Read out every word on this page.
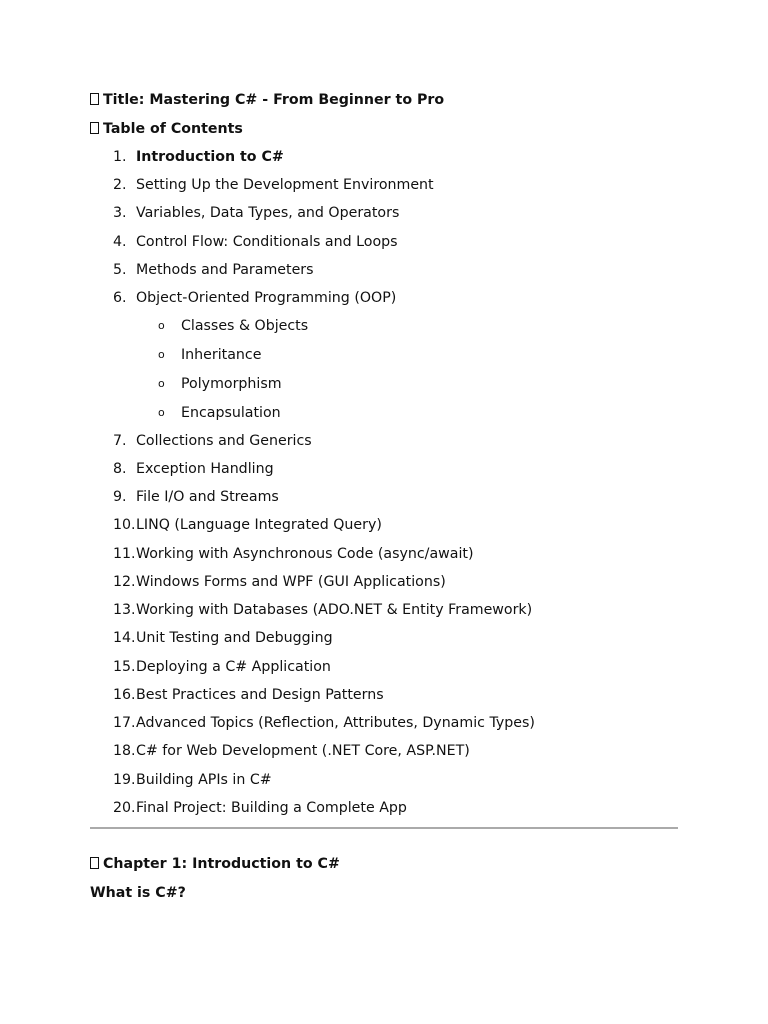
Title: Mastering C# - From Beginner to Pro
Table of Contents
1. Introduction to C#
2. Setting Up the Development Environment
3. Variables, Data Types, and Operators
4. Control Flow: Conditionals and Loops
5. Methods and Parameters
6. Object-Oriented Programming (OOP)
o Classes & Objects
o Inheritance
o Polymorphism
o Encapsulation
7. Collections and Generics
8. Exception Handling
9. File I/O and Streams
10. LINQ (Language Integrated Query)
11. Working with Asynchronous Code (async/await)
12. Windows Forms and WPF (GUI Applications)
13. Working with Databases (ADO.NET & Entity Framework)
14. Unit Testing and Debugging
15. Deploying a C# Application
16. Best Practices and Design Patterns
17. Advanced Topics (Reflection, Attributes, Dynamic Types)
18. C# for Web Development (.NET Core, ASP.NET)
19. Building APIs in C#
20. Final Project: Building a Complete App
Chapter 1: Introduction to C#
What is C#?
